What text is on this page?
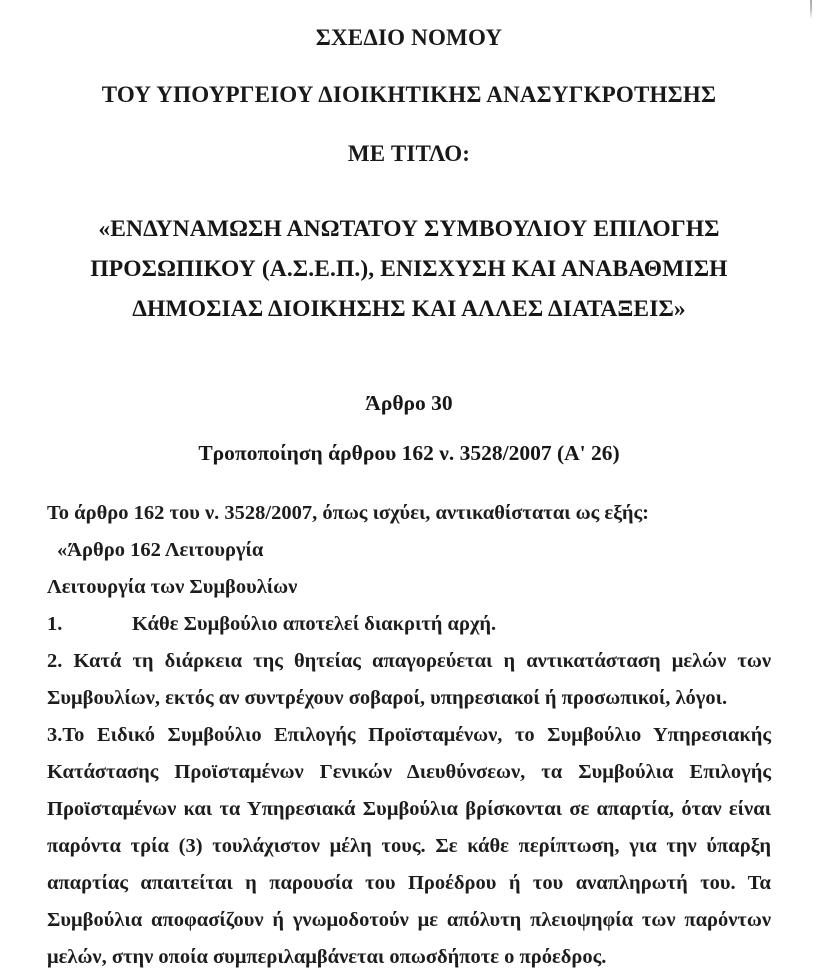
ΣΧΕΔΙΟ ΝΟΜΟΥ
ΤΟΥ ΥΠΟΥΡΓΕΙΟΥ ΔΙΟΙΚΗΤΙΚΗΣ ΑΝΑΣΥΓΚΡΟΤΗΣΗΣ
ΜΕ ΤΙΤΛΟ:
«ΕΝΔΥΝΑΜΩΣΗ ΑΝΩΤΑΤΟΥ ΣΥΜΒΟΥΛΙΟΥ ΕΠΙΛΟΓΗΣ
ΠΡΟΣΩΠΙΚΟΥ (Α.Σ.Ε.Π.), ΕΝΙΣΧΥΣΗ ΚΑΙ ΑΝΑΒΑΘΜΙΣΗ
ΔΗΜΟΣΙΑΣ ΔΙΟΙΚΗΣΗΣ ΚΑΙ ΑΛΛΕΣ ΔΙΑΤΑΞΕΙΣ»
Άρθρο 30
Τροποποίηση άρθρου 162 ν. 3528/2007 (Α' 26)
Το άρθρο 162 του ν. 3528/2007, όπως ισχύει, αντικαθίσταται ως εξής:
«Άρθρο 162 Λειτουργία
Λειτουργία των Συμβουλίων
1.	Κάθε Συμβούλιο αποτελεί διακριτή αρχή.

2. Κατά τη διάρκεια της θητείας απαγορεύεται η αντικατάσταση μελών των Συμβουλίων, εκτός αν συντρέχουν σοβαροί, υπηρεσιακοί ή προσωπικοί, λόγοι.

3.Το Ειδικό Συμβούλιο Επιλογής Προϊσταμένων, το Συμβούλιο Υπηρεσιακής Κατάστασης Προϊσταμένων Γενικών Διευθύνσεων, τα Συμβούλια Επιλογής Προϊσταμένων και τα Υπηρεσιακά Συμβούλια βρίσκονται σε απαρτία, όταν είναι παρόντα τρία (3) τουλάχιστον μέλη τους. Σε κάθε περίπτωση, για την ύπαρξη απαρτίας απαιτείται η παρουσία του Προέδρου ή του αναπληρωτή του. Τα Συμβούλια αποφασίζουν ή γνωμοδοτούν με απόλυτη πλειοψηφία των παρόντων μελών, στην οποία συμπεριλαμβάνεται οπωσδήποτε ο πρόεδρος.
